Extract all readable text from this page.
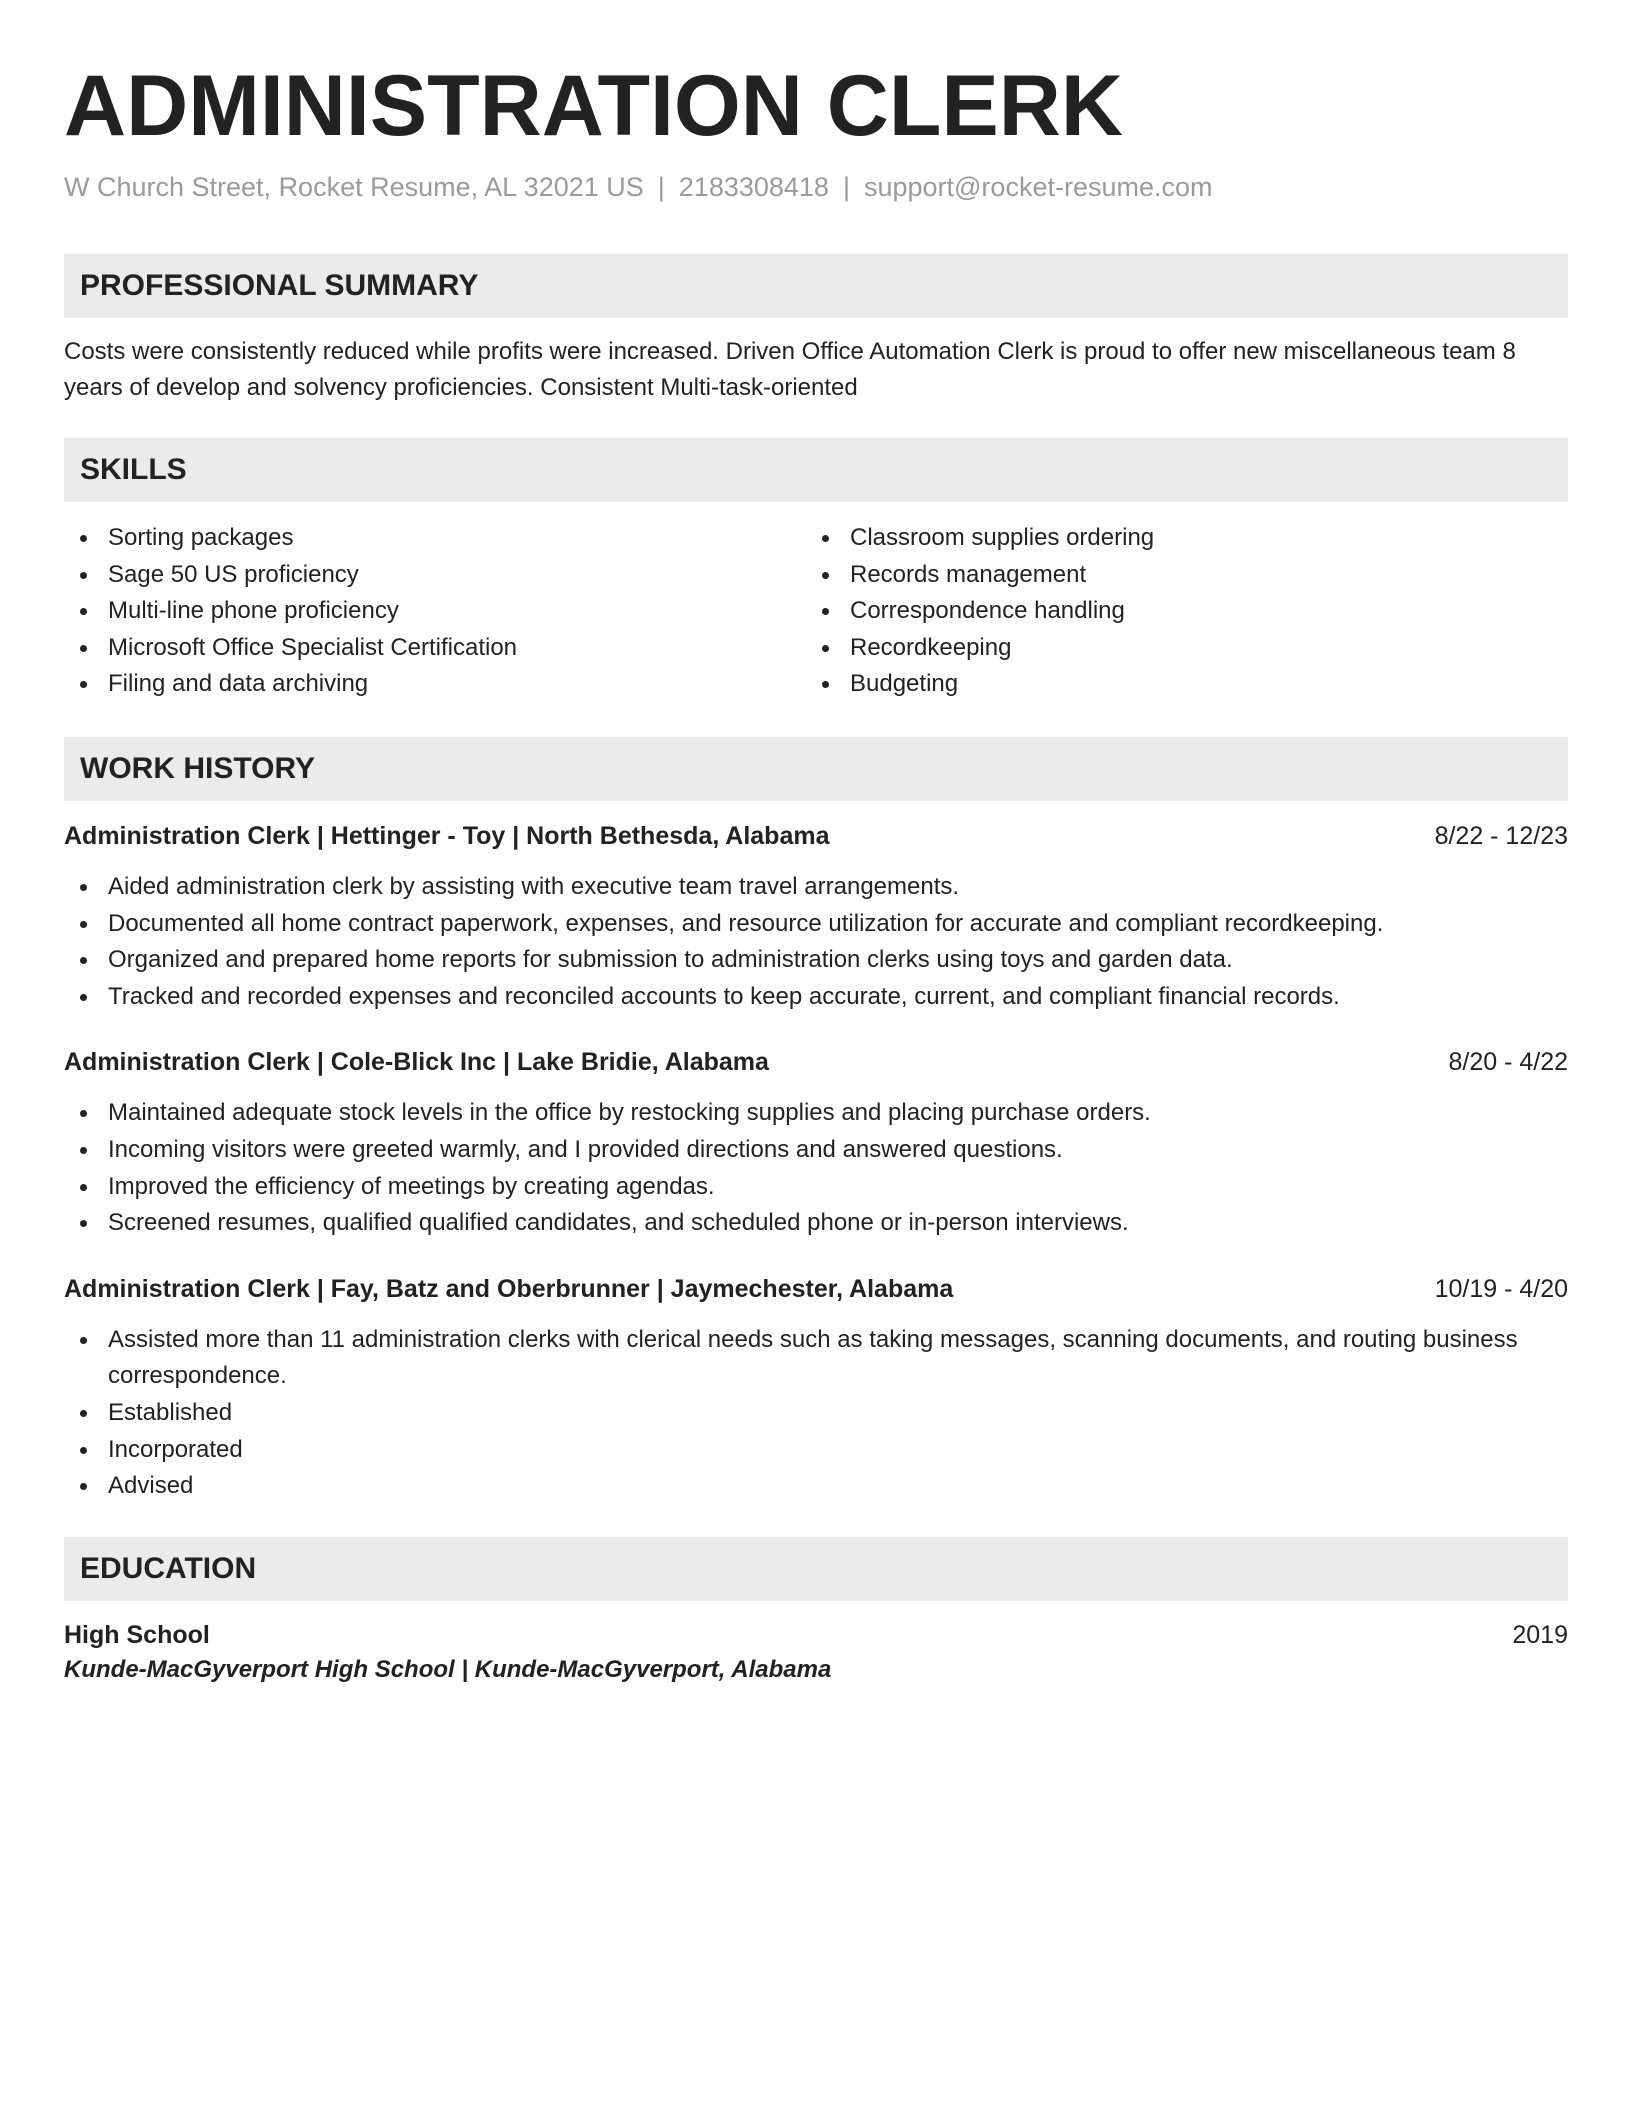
ADMINISTRATION CLERK
W Church Street, Rocket Resume, AL 32021 US | 2183308418 | support@rocket-resume.com
PROFESSIONAL SUMMARY

Costs were consistently reduced while profits were increased. Driven Office Automation Clerk is proud to offer new miscellaneous team 8 years of develop and solvency proficiencies. Consistent Multi-task-oriented

SKILLS
Sorting packages
Sage 50 US proficiency
Multi-line phone proficiency
Microsoft Office Specialist Certification
Filing and data archiving
Classroom supplies ordering
Records management
Correspondence handling
Recordkeeping
Budgeting
WORK HISTORY
Administration Clerk | Hettinger - Toy | North Bethesda, Alabama	8/22 - 12/23
Aided administration clerk by assisting with executive team travel arrangements.
Documented all home contract paperwork, expenses, and resource utilization for accurate and compliant recordkeeping.
Organized and prepared home reports for submission to administration clerks using toys and garden data.
Tracked and recorded expenses and reconciled accounts to keep accurate, current, and compliant financial records.
Administration Clerk | Cole-Blick Inc | Lake Bridie, Alabama	8/20 - 4/22
Maintained adequate stock levels in the office by restocking supplies and placing purchase orders.
Incoming visitors were greeted warmly, and I provided directions and answered questions.
Improved the efficiency of meetings by creating agendas.
Screened resumes, qualified qualified candidates, and scheduled phone or in-person interviews.
Administration Clerk | Fay, Batz and Oberbrunner | Jaymechester, Alabama	10/19 - 4/20
Assisted more than 11 administration clerks with clerical needs such as taking messages, scanning documents, and routing business correspondence.
Established
Incorporated
Advised
EDUCATION
High School	2019
Kunde-MacGyverport High School | Kunde-MacGyverport, Alabama
